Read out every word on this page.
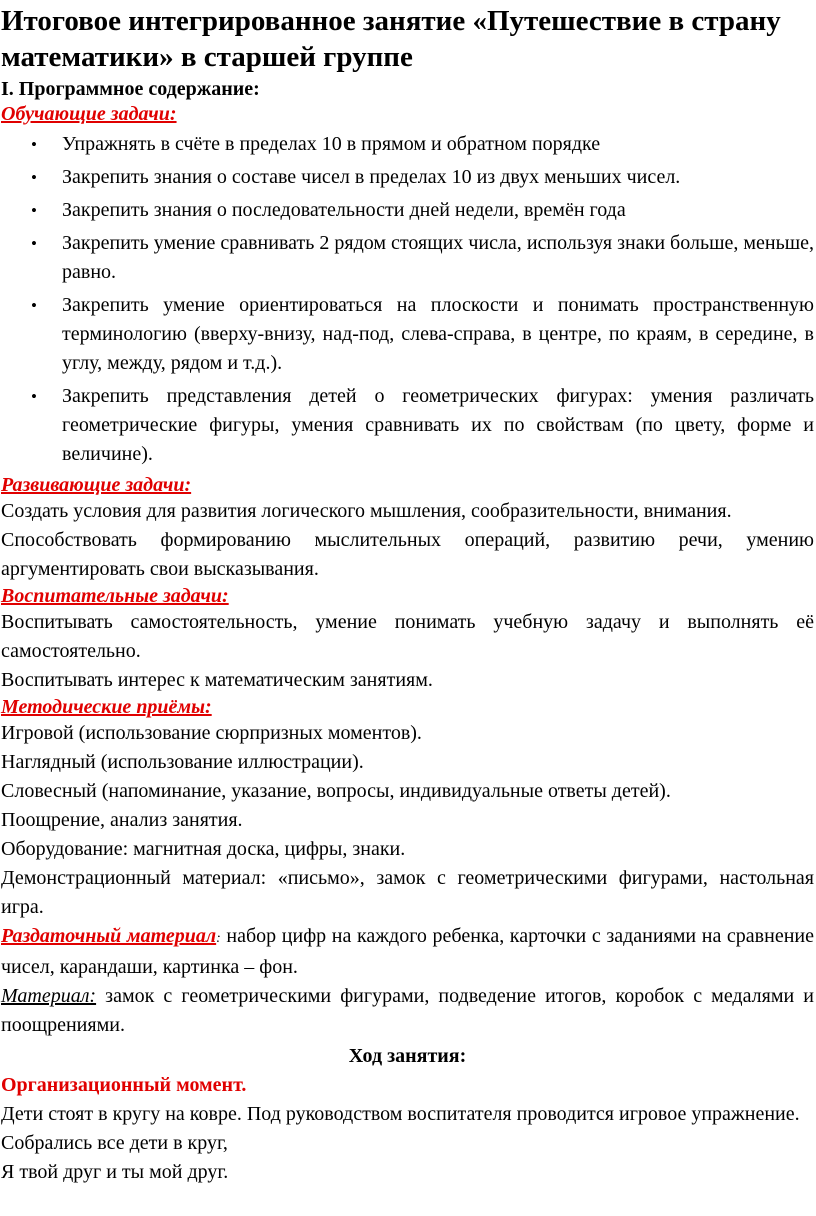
Итоговое интегрированное занятие «Путешествие в страну математики» в старшей группе

I. Программное содержание:

Обучающие задачи:

• Упражнять в счёте в пределах 10 в прямом и обратном порядке
• Закрепить знания о составе чисел в пределах 10 из двух меньших чисел.
• Закрепить знания о последовательности дней недели, времён года
• Закрепить умение сравнивать 2 рядом стоящих числа, используя знаки больше, меньше, равно.
• Закрепить умение ориентироваться на плоскости и понимать пространственную терминологию (вверху-внизу, над-под, слева-справа, в центре, по краям, в середине, в углу, между, рядом и т.д.).
• Закрепить представления детей о геометрических фигурах: умения различать геометрические фигуры, умения сравнивать их по свойствам (по цвету, форме и величине).

Развивающие задачи:

Создать условия для развития логического мышления, сообразительности, внимания.

Способствовать формированию мыслительных операций, развитию речи, умению аргументировать свои высказывания.

Воспитательные задачи:

Воспитывать самостоятельность, умение понимать учебную задачу и выполнять её самостоятельно.

Воспитывать интерес к математическим занятиям.

Методические приёмы:

Игровой (использование сюрпризных моментов).

Наглядный (использование иллюстрации).

Словесный (напоминание, указание, вопросы, индивидуальные ответы детей).

Поощрение, анализ занятия.

Оборудование: магнитная доска, цифры, знаки.

Демонстрационный материал: «письмо», замок с геометрическими фигурами, настольная игра.

Раздаточный материал: набор цифр на каждого ребенка, карточки с заданиями на сравнение чисел, карандаши, картинка – фон.

Материал: замок с геометрическими фигурами, подведение итогов, коробок с медалями и поощрениями.

Ход занятия:

Организационный момент.

Дети стоят в кругу на ковре. Под руководством воспитателя проводится игровое упражнение.

Собрались все дети в круг,

Я твой друг и ты мой друг.
